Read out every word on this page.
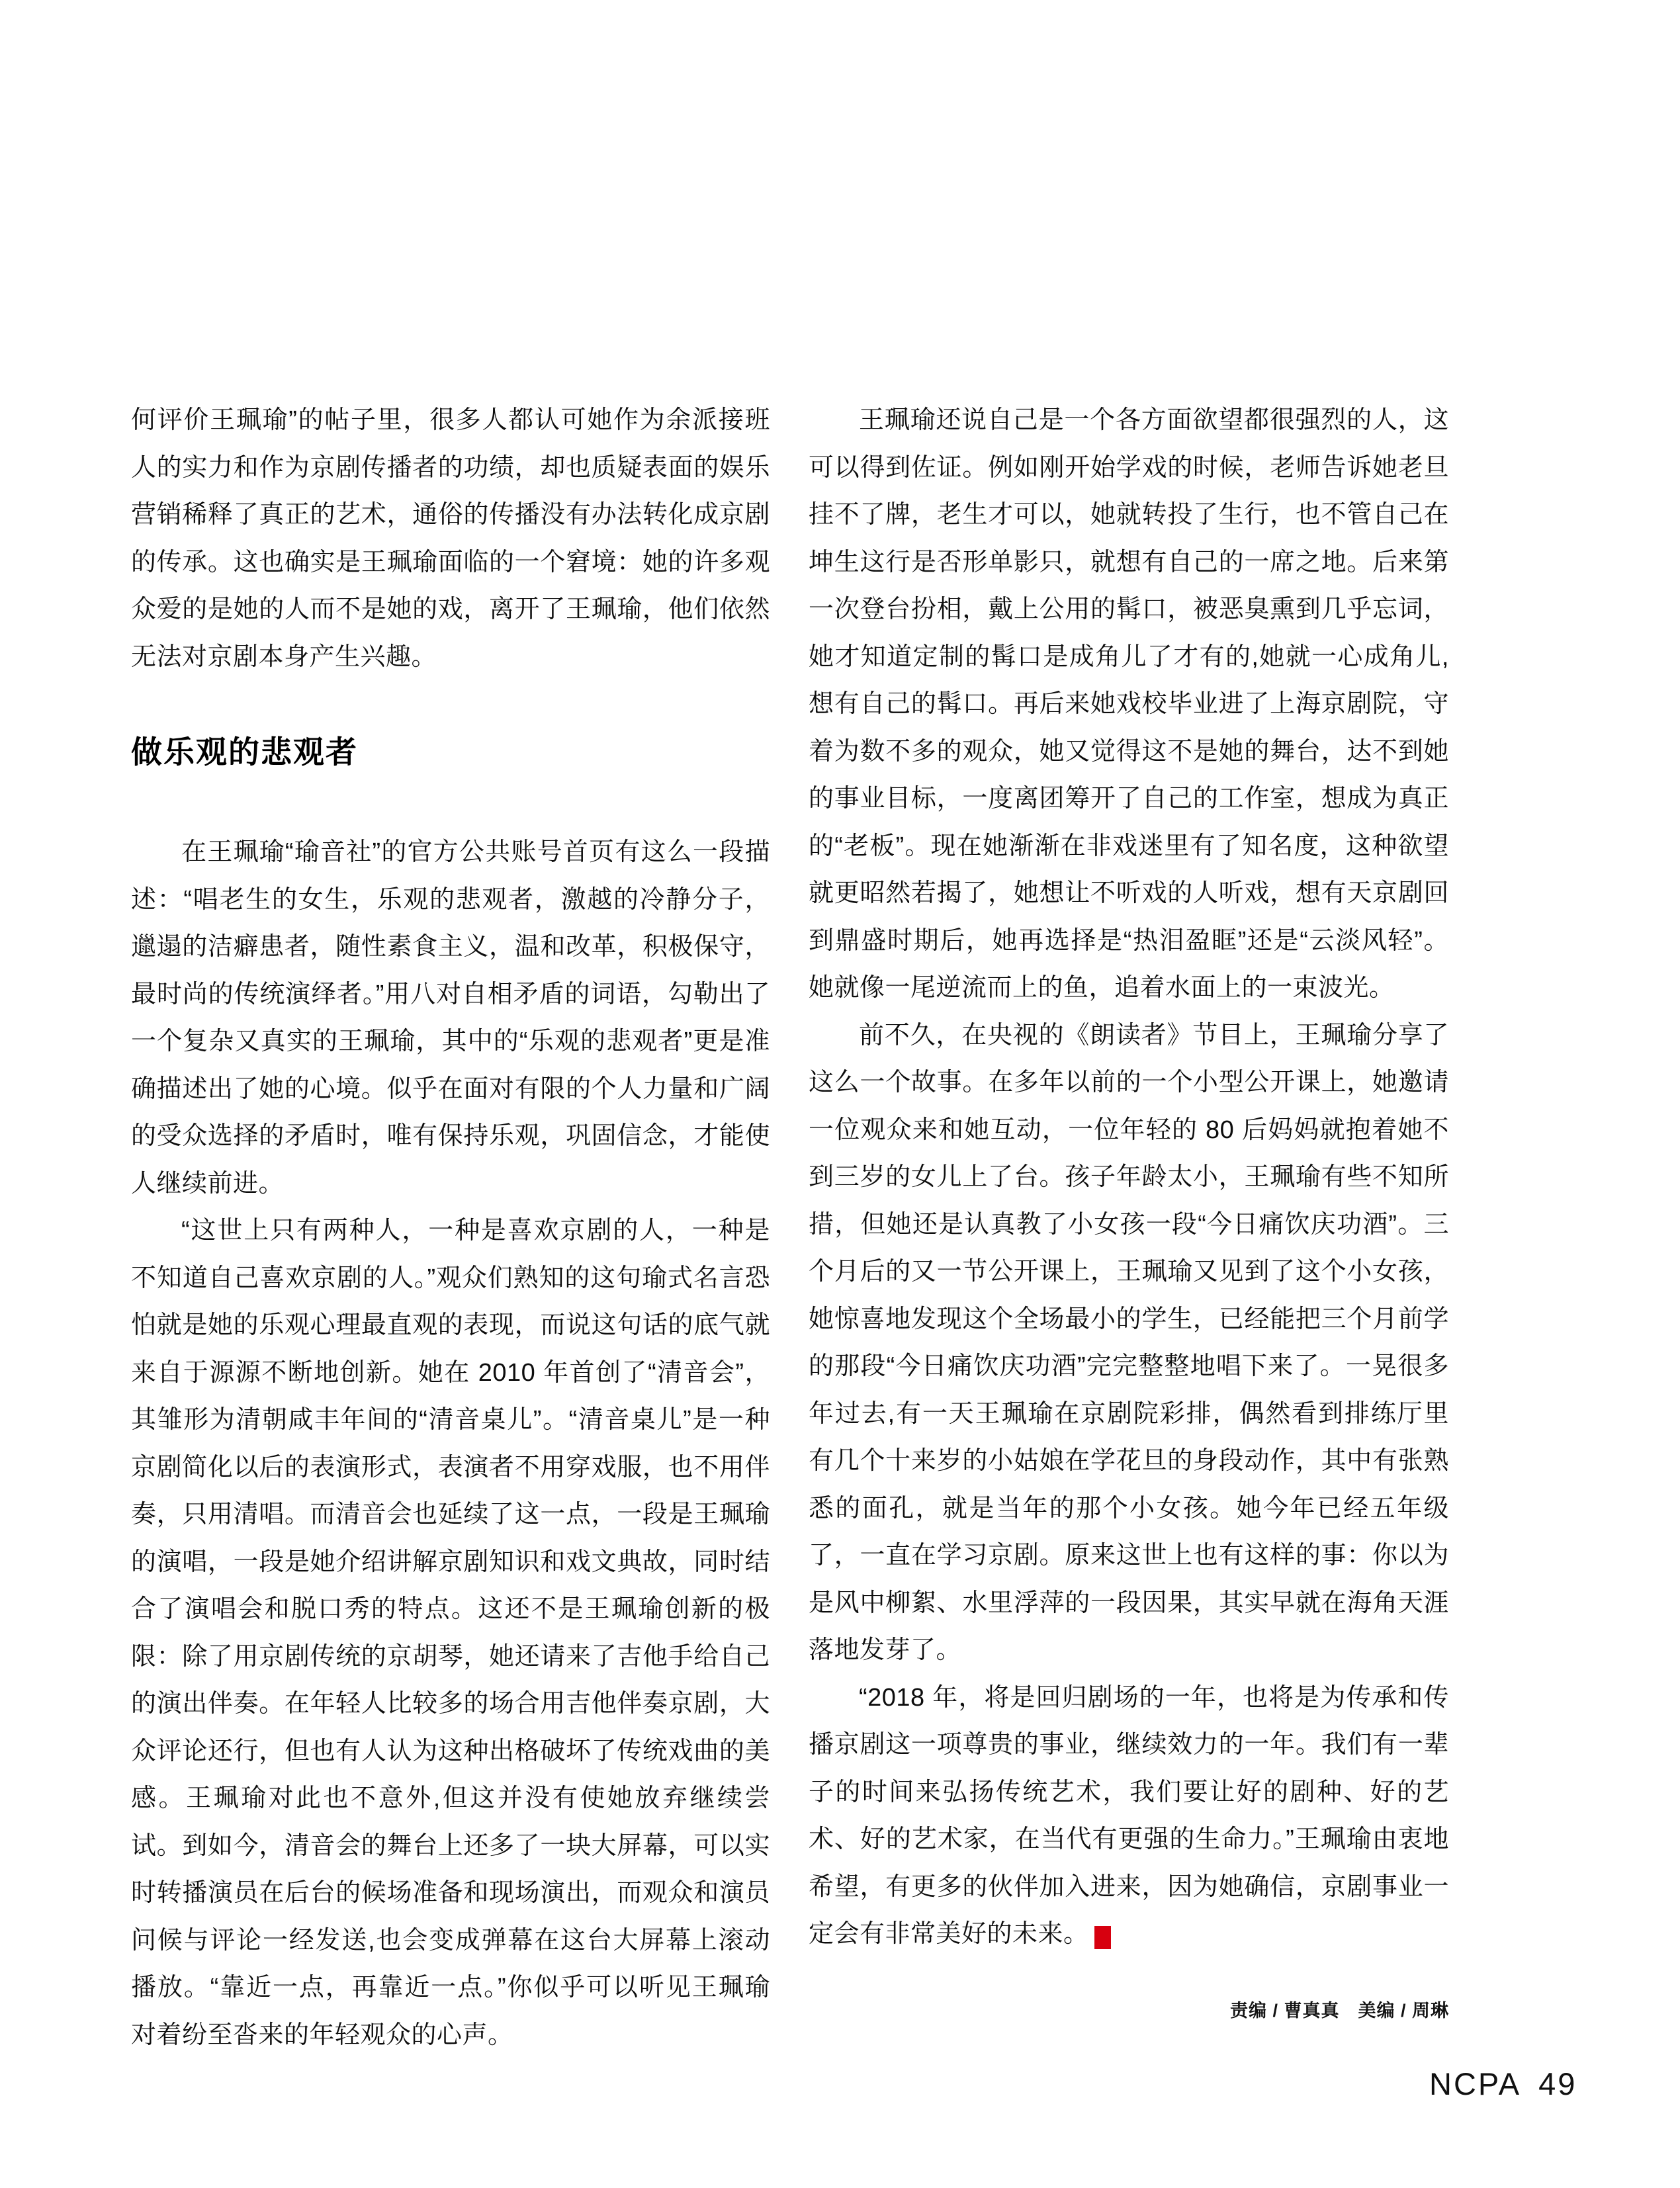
何评价王珮瑜”的帖子里，很多人都认可她作为余派接班人的实力和作为京剧传播者的功绩，却也质疑表面的娱乐营销稀释了真正的艺术，通俗的传播没有办法转化成京剧的传承。这也确实是王珮瑜面临的一个窘境：她的许多观众爱的是她的人而不是她的戏，离开了王珮瑜，他们依然无法对京剧本身产生兴趣。

做乐观的悲观者

在王珮瑜“瑜音社”的官方公共账号首页有这么一段描述：“唱老生的女生，乐观的悲观者，激越的冷静分子，邋遢的洁癖患者，随性素食主义，温和改革，积极保守，最时尚的传统演绎者。”用八对自相矛盾的词语，勾勒出了一个复杂又真实的王珮瑜，其中的“乐观的悲观者”更是准确描述出了她的心境。似乎在面对有限的个人力量和广阔的受众选择的矛盾时，唯有保持乐观，巩固信念，才能使人继续前进。

“这世上只有两种人，一种是喜欢京剧的人，一种是不知道自己喜欢京剧的人。”观众们熟知的这句瑜式名言恐怕就是她的乐观心理最直观的表现，而说这句话的底气就来自于源源不断地创新。她在 2010 年首创了“清音会”，其雏形为清朝咸丰年间的“清音桌儿”。“清音桌儿”是一种京剧简化以后的表演形式，表演者不用穿戏服，也不用伴奏，只用清唱。而清音会也延续了这一点，一段是王珮瑜的演唱，一段是她介绍讲解京剧知识和戏文典故，同时结合了演唱会和脱口秀的特点。这还不是王珮瑜创新的极限：除了用京剧传统的京胡琴，她还请来了吉他手给自己的演出伴奏。在年轻人比较多的场合用吉他伴奏京剧，大众评论还行，但也有人认为这种出格破坏了传统戏曲的美感。王珮瑜对此也不意外,但这并没有使她放弃继续尝试。到如今，清音会的舞台上还多了一块大屏幕，可以实时转播演员在后台的候场准备和现场演出，而观众和演员问候与评论一经发送,也会变成弹幕在这台大屏幕上滚动播放。“靠近一点，再靠近一点。”你似乎可以听见王珮瑜对着纷至沓来的年轻观众的心声。

王珮瑜还说自己是一个各方面欲望都很强烈的人，这可以得到佐证。例如刚开始学戏的时候，老师告诉她老旦挂不了牌，老生才可以，她就转投了生行，也不管自己在坤生这行是否形单影只，就想有自己的一席之地。后来第一次登台扮相，戴上公用的髯口，被恶臭熏到几乎忘词，她才知道定制的髯口是成角儿了才有的,她就一心成角儿,想有自己的髯口。再后来她戏校毕业进了上海京剧院，守着为数不多的观众，她又觉得这不是她的舞台，达不到她的事业目标，一度离团筹开了自己的工作室，想成为真正的“老板”。现在她渐渐在非戏迷里有了知名度，这种欲望就更昭然若揭了，她想让不听戏的人听戏，想有天京剧回到鼎盛时期后，她再选择是“热泪盈眶”还是“云淡风轻”。她就像一尾逆流而上的鱼，追着水面上的一束波光。

前不久，在央视的《朗读者》节目上，王珮瑜分享了这么一个故事。在多年以前的一个小型公开课上，她邀请一位观众来和她互动，一位年轻的 80 后妈妈就抱着她不到三岁的女儿上了台。孩子年龄太小，王珮瑜有些不知所措，但她还是认真教了小女孩一段“今日痛饮庆功酒”。三个月后的又一节公开课上，王珮瑜又见到了这个小女孩，她惊喜地发现这个全场最小的学生，已经能把三个月前学的那段“今日痛饮庆功酒”完完整整地唱下来了。一晃很多年过去,有一天王珮瑜在京剧院彩排，偶然看到排练厅里有几个十来岁的小姑娘在学花旦的身段动作，其中有张熟悉的面孔，就是当年的那个小女孩。她今年已经五年级了，一直在学习京剧。原来这世上也有这样的事：你以为是风中柳絮、水里浮萍的一段因果，其实早就在海角天涯落地发芽了。

“2018 年，将是回归剧场的一年，也将是为传承和传播京剧这一项尊贵的事业，继续效力的一年。我们有一辈子的时间来弘扬传统艺术，我们要让好的剧种、好的艺术、好的艺术家，在当代有更强的生命力。”王珮瑜由衷地希望，有更多的伙伴加入进来，因为她确信，京剧事业一定会有非常美好的未来。 $\frac{NC}{PA}$

责编 / 曹真真　美编 / 周琳
NCPA 49
